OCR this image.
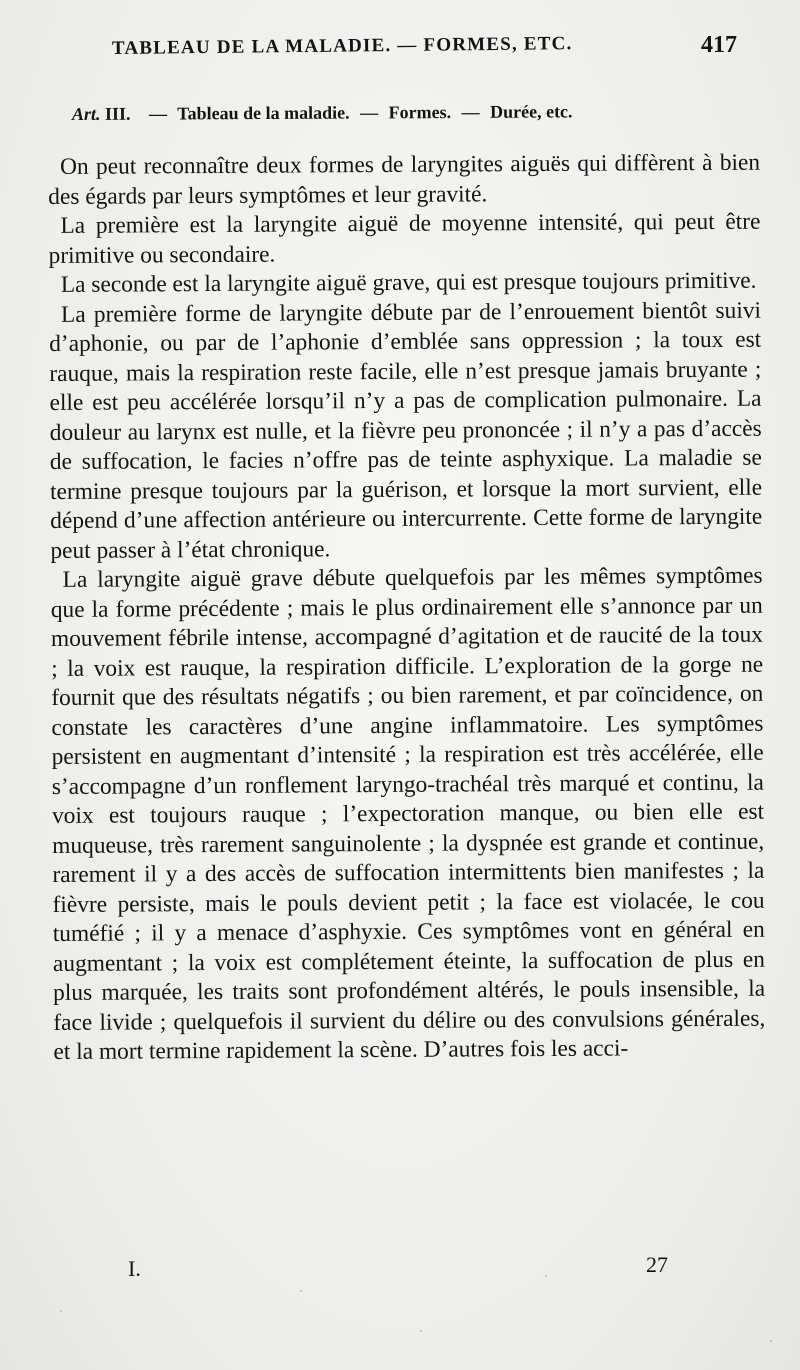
TABLEAU DE LA MALADIE. — FORMES, ETC.	417
Art. III. — Tableau de la maladie. — Formes. — Durée, etc.

On peut reconnaître deux formes de laryngites aiguës qui diffèrent à bien des égards par leurs symptômes et leur gravité.

La première est la laryngite aiguë de moyenne intensité, qui peut être primitive ou secondaire.

La seconde est la laryngite aiguë grave, qui est presque toujours primitive.

La première forme de laryngite débute par de l’enrouement bientôt suivi d’aphonie, ou par de l’aphonie d’emblée sans oppression ; la toux est rauque, mais la respiration reste facile, elle n’est presque jamais bruyante ; elle est peu accélérée lorsqu’il n’y a pas de complication pulmonaire. La douleur au larynx est nulle, et la fièvre peu prononcée ; il n’y a pas d’accès de suffocation, le facies n’offre pas de teinte asphyxique. La maladie se termine presque toujours par la guérison, et lorsque la mort survient, elle dépend d’une affection antérieure ou intercurrente. Cette forme de laryngite peut passer à l’état chronique.

La laryngite aiguë grave débute quelquefois par les mêmes symptômes que la forme précédente ; mais le plus ordinairement elle s’annonce par un mouvement fébrile intense, accompagné d’agitation et de raucité de la toux ; la voix est rauque, la respiration difficile. L’exploration de la gorge ne fournit que des résultats négatifs ; ou bien rarement, et par coïncidence, on constate les caractères d’une angine inflammatoire. Les symptômes persistent en augmentant d’intensité ; la respiration est très accélérée, elle s’accompagne d’un ronflement laryngo-trachéal très marqué et continu, la voix est toujours rauque ; l’expectoration manque, ou bien elle est muqueuse, très rarement sanguinolente ; la dyspnée est grande et continue, rarement il y a des accès de suffocation intermittents bien manifestes ; la fièvre persiste, mais le pouls devient petit ; la face est violacée, le cou tuméfié ; il y a menace d’asphyxie. Ces symptômes vont en général en augmentant ; la voix est complétement éteinte, la suffocation de plus en plus marquée, les traits sont profondément altérés, le pouls insensible, la face livide ; quelquefois il survient du délire ou des convulsions générales, et la mort termine rapidement la scène. D’autres fois les acci-

I.	27
